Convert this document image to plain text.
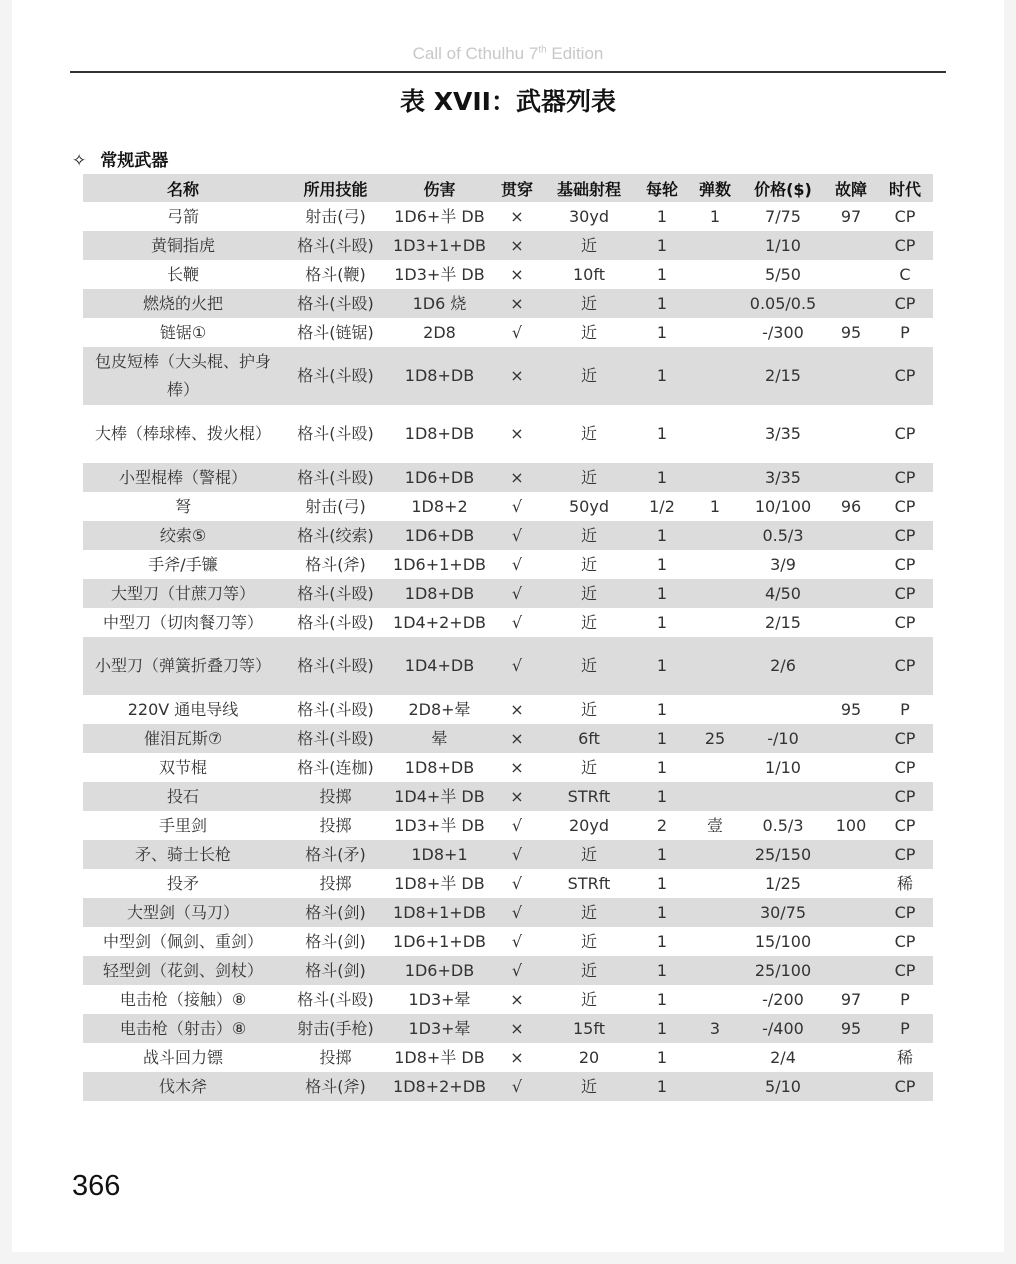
Call of Cthulhu 7th Edition
表 XVII：武器列表
✧ 常规武器
名称	所用技能	伤害	贯穿	基础射程	每轮	弹数	价格($)	故障	时代
弓箭	射击(弓)	1D6+半 DB	×	30yd	1	1	7/75	97	CP
黄铜指虎	格斗(斗殴)	1D3+1+DB	×	近	1		1/10		CP
长鞭	格斗(鞭)	1D3+半 DB	×	10ft	1		5/50		C
燃烧的火把	格斗(斗殴)	1D6 烧	×	近	1		0.05/0.5		CP
链锯①	格斗(链锯)	2D8	√	近	1		-/300	95	P
包皮短棒（大头棍、护身棒）	格斗(斗殴)	1D8+DB	×	近	1		2/15		CP
大棒（棒球棒、拨火棍）	格斗(斗殴)	1D8+DB	×	近	1		3/35		CP
小型棍棒（警棍）	格斗(斗殴)	1D6+DB	×	近	1		3/35		CP
弩	射击(弓)	1D8+2	√	50yd	1/2	1	10/100	96	CP
绞索⑤	格斗(绞索)	1D6+DB	√	近	1		0.5/3		CP
手斧/手镰	格斗(斧)	1D6+1+DB	√	近	1		3/9		CP
大型刀（甘蔗刀等）	格斗(斗殴)	1D8+DB	√	近	1		4/50		CP
中型刀（切肉餐刀等）	格斗(斗殴)	1D4+2+DB	√	近	1		2/15		CP
小型刀（弹簧折叠刀等）	格斗(斗殴)	1D4+DB	√	近	1		2/6		CP
220V 通电导线	格斗(斗殴)	2D8+晕	×	近	1			95	P
催泪瓦斯⑦	格斗(斗殴)	晕	×	6ft	1	25	-/10		CP
双节棍	格斗(连枷)	1D8+DB	×	近	1		1/10		CP
投石	投掷	1D4+半 DB	×	STRft	1				CP
手里剑	投掷	1D3+半 DB	√	20yd	2	壹	0.5/3	100	CP
矛、骑士长枪	格斗(矛)	1D8+1	√	近	1		25/150		CP
投矛	投掷	1D8+半 DB	√	STRft	1		1/25		稀
大型剑（马刀）	格斗(剑)	1D8+1+DB	√	近	1		30/75		CP
中型剑（佩剑、重剑）	格斗(剑)	1D6+1+DB	√	近	1		15/100		CP
轻型剑（花剑、剑杖）	格斗(剑)	1D6+DB	√	近	1		25/100		CP
电击枪（接触）⑧	格斗(斗殴)	1D3+晕	×	近	1		-/200	97	P
电击枪（射击）⑧	射击(手枪)	1D3+晕	×	15ft	1	3	-/400	95	P
战斗回力镖	投掷	1D8+半 DB	×	20	1		2/4		稀
伐木斧	格斗(斧)	1D8+2+DB	√	近	1		5/10		CP
366
